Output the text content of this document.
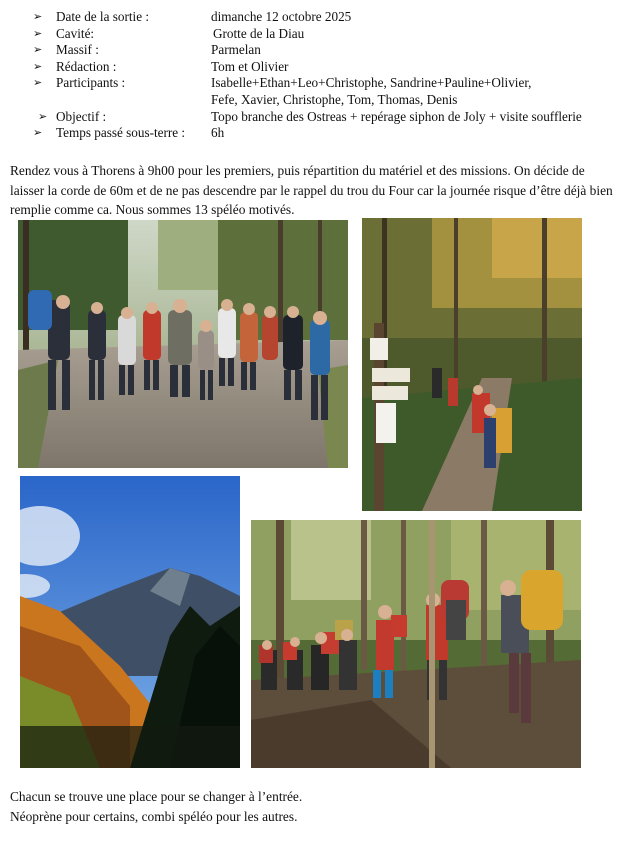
➢ Date de la sortie :	dimanche 12 octobre 2025
➢ Cavité:	Grotte de la Diau
➢ Massif :	Parmelan
➢ Rédaction :	Tom et Olivier
➢ Participants :	Isabelle+Ethan+Leo+Christophe, Sandrine+Pauline+Olivier,
Fefe, Xavier, Christophe, Tom, Thomas, Denis
➢ Objectif :	Topo branche des Ostreas + repérage siphon de Joly + visite soufflerie
➢ Temps passé sous-terre : 6h
Rendez vous à Thorens à 9h00 pour les premiers, puis répartition du matériel et des missions. On décide de laisser la corde de 60m et de ne pas descendre par le rappel du trou du Four car la journée risque d’être déjà bien remplie comme ca. Nous sommes 13 spéléo motivés.
Chacun se trouve une place pour se changer à l’entrée.
Néoprène pour certains, combi spéléo pour les autres.
